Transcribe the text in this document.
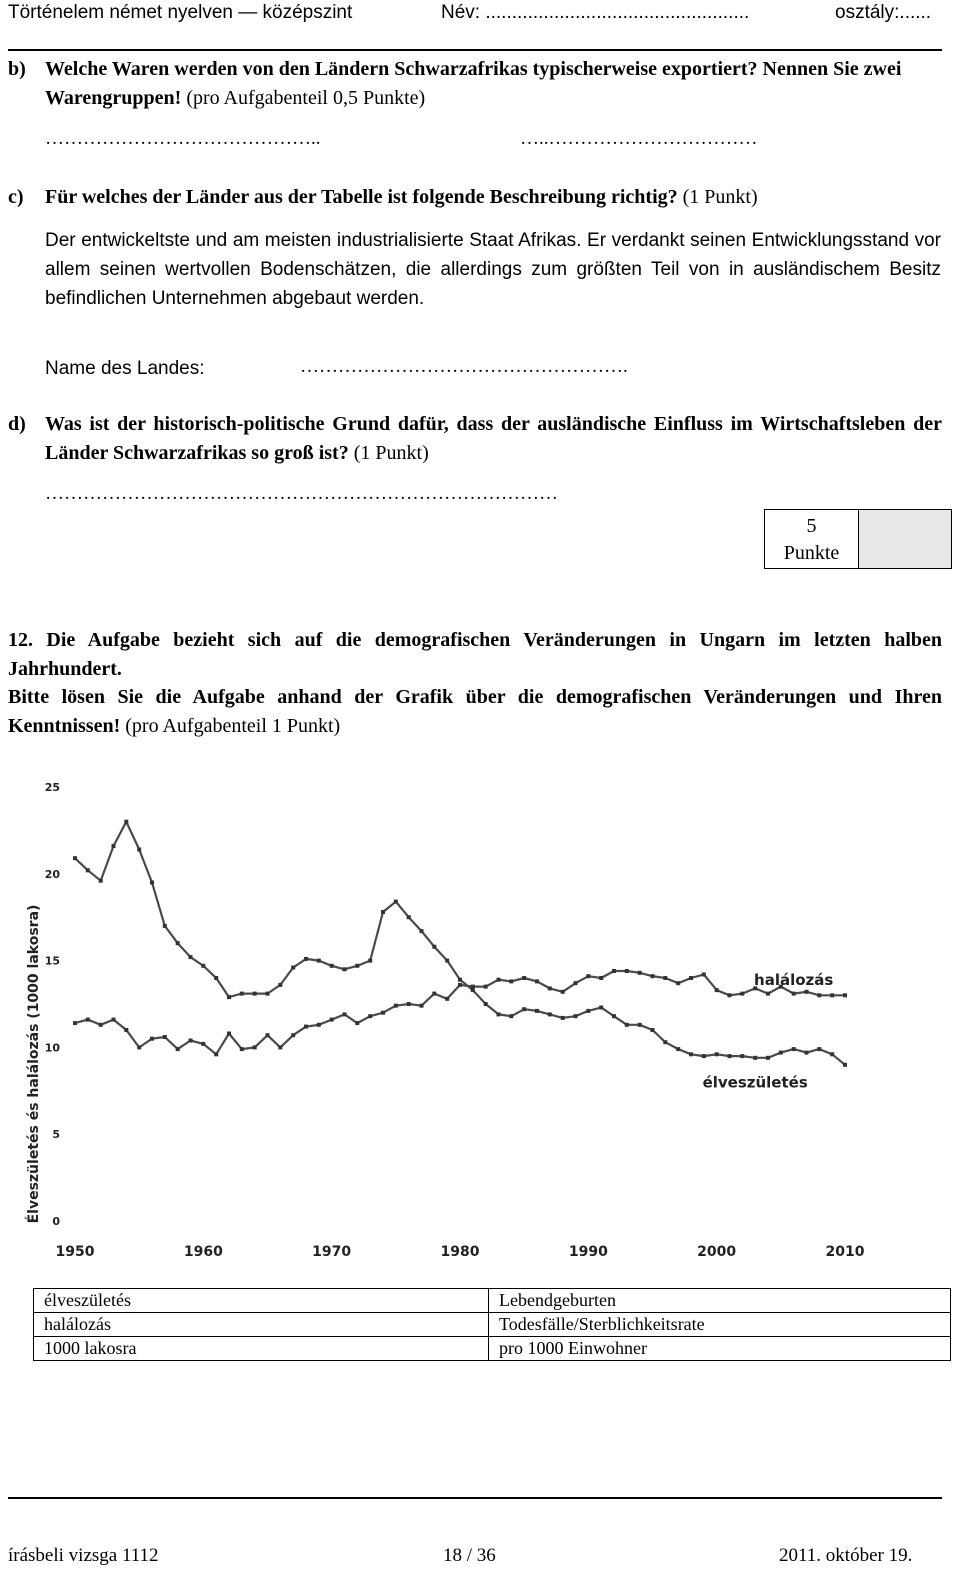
Történelem német nyelven — középszint	Név: ..................................................	osztály:......
b) Welche Waren werden von den Ländern Schwarzafrikas typischerweise exportiert? Nennen Sie zwei Warengruppen! (pro Aufgabenteil 0,5 Punkte)
……………………………………..	…..……………………………
c) Für welches der Länder aus der Tabelle ist folgende Beschreibung richtig? (1 Punkt)
Der entwickeltste und am meisten industrialisierte Staat Afrikas. Er verdankt seinen Entwicklungsstand vor allem seinen wertvollen Bodenschätzen, die allerdings zum größten Teil von in ausländischem Besitz befindlichen Unternehmen abgebaut werden.
Name des Landes:	…………………………………………….
d) Was ist der historisch-politische Grund dafür, dass der ausländische Einfluss im Wirtschaftsleben der Länder Schwarzafrikas so groß ist? (1 Punkt)
………………………………………………………………………
5
Punkte
12. Die Aufgabe bezieht sich auf die demografischen Veränderungen in Ungarn im letzten halben Jahrhundert.
Bitte lösen Sie die Aufgabe anhand der Grafik über die demografischen Veränderungen und Ihren Kenntnissen! (pro Aufgabenteil 1 Punkt)
0
5
10
15
20
25
1950	1960	1970	1980	1990	2000	2010
Élveszületés és halálozás (1000 lakosra)	halálozás
élveszületés
élveszületés	Lebendgeburten
halálozás	Todesfälle/Sterblichkeitsrate
1000 lakosra	pro 1000 Einwohner
írásbeli vizsga 1112	18 / 36	2011. október 19.
